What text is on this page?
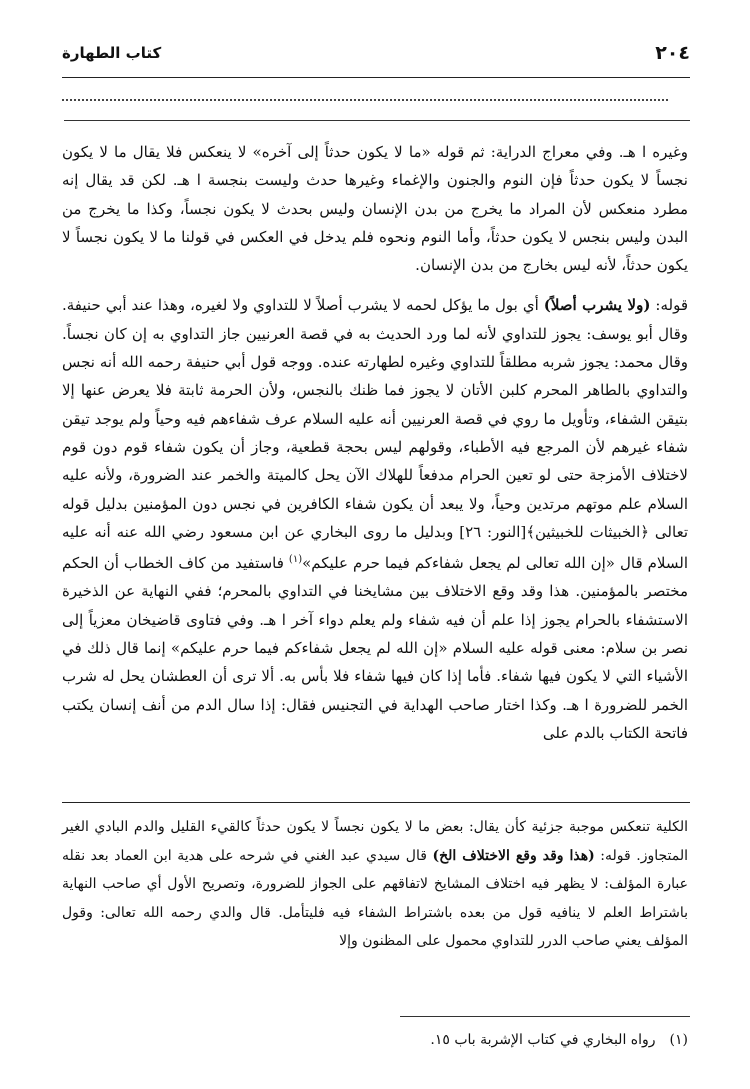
٢٠٤
كتاب الطهارة

وغيره ا هـ. وفي معراج الدراية: ثم قوله «ما لا يكون حدثاً إلى آخره» لا ينعكس فلا يقال ما لا يكون نجساً لا يكون حدثاً فإن النوم والجنون والإغماء وغيرها حدث وليست بنجسة ا هـ. لكن قد يقال إنه مطرد منعكس لأن المراد ما يخرج من بدن الإنسان وليس بحدث لا يكون نجساً، وكذا ما يخرج من البدن وليس بنجس لا يكون حدثاً، وأما النوم ونحوه فلم يدخل في العكس في قولنا ما لا يكون نجساً لا يكون حدثاً، لأنه ليس بخارج من بدن الإنسان.

قوله: (ولا يشرب أصلاً) أي بول ما يؤكل لحمه لا يشرب أصلاً لا للتداوي ولا لغيره، وهذا عند أبي حنيفة. وقال أبو يوسف: يجوز للتداوي لأنه لما ورد الحديث به في قصة العرنيين جاز التداوي به إن كان نجساً. وقال محمد: يجوز شربه مطلقاً للتداوي وغيره لطهارته عنده. ووجه قول أبي حنيفة رحمه الله أنه نجس والتداوي بالطاهر المحرم كلبن الأتان لا يجوز فما ظنك بالنجس، ولأن الحرمة ثابتة فلا يعرض عنها إلا بتيقن الشفاء، وتأويل ما روي في قصة العرنيين أنه عليه السلام عرف شفاءهم فيه وحياً ولم يوجد تيقن شفاء غيرهم لأن المرجع فيه الأطباء، وقولهم ليس بحجة قطعية، وجاز أن يكون شفاء قوم دون قوم لاختلاف الأمزجة حتى لو تعين الحرام مدفعاً للهلاك الآن يحل كالميتة والخمر عند الضرورة، ولأنه عليه السلام علم موتهم مرتدين وحياً، ولا يبعد أن يكون شفاء الكافرين في نجس دون المؤمنين بدليل قوله تعالى ﴿الخبيثات للخبيثين﴾[النور: ٢٦] وبدليل ما روى البخاري عن ابن مسعود رضي الله عنه أنه عليه السلام قال «إن الله تعالى لم يجعل شفاءكم فيما حرم عليكم»$^{(١)}$ فاستفيد من كاف الخطاب أن الحكم مختصر بالمؤمنين. هذا وقد وقع الاختلاف بين مشايخنا في التداوي بالمحرم؛ ففي النهاية عن الذخيرة الاستشفاء بالحرام يجوز إذا علم أن فيه شفاء ولم يعلم دواء آخر ا هـ. وفي فتاوى قاضيخان معزياً إلى نصر بن سلام: معنى قوله عليه السلام «إن الله لم يجعل شفاءكم فيما حرم عليكم» إنما قال ذلك في الأشياء التي لا يكون فيها شفاء. فأما إذا كان فيها شفاء فلا بأس به. ألا ترى أن العطشان يحل له شرب الخمر للضرورة ا هـ. وكذا اختار صاحب الهداية في التجنيس فقال: إذا سال الدم من أنف إنسان يكتب فاتحة الكتاب بالدم على

الكلية تنعكس موجبة جزئية كأن يقال: بعض ما لا يكون نجساً لا يكون حدثاً كالقيء القليل والدم البادي الغير المتجاوز. قوله: (هذا وقد وقع الاختلاف الخ) قال سيدي عبد الغني في شرحه على هدية ابن العماد بعد نقله عبارة المؤلف: لا يظهر فيه اختلاف المشايخ لاتفاقهم على الجواز للضرورة، وتصريح الأول أي صاحب النهاية باشتراط العلم لا ينافيه قول من بعده باشتراط الشفاء فيه فليتأمل. قال والدي رحمه الله تعالى: وقول المؤلف يعني صاحب الدرر للتداوي محمول على المظنون وإلا

(١)رواه البخاري في كتاب الإشربة باب ١٥.
